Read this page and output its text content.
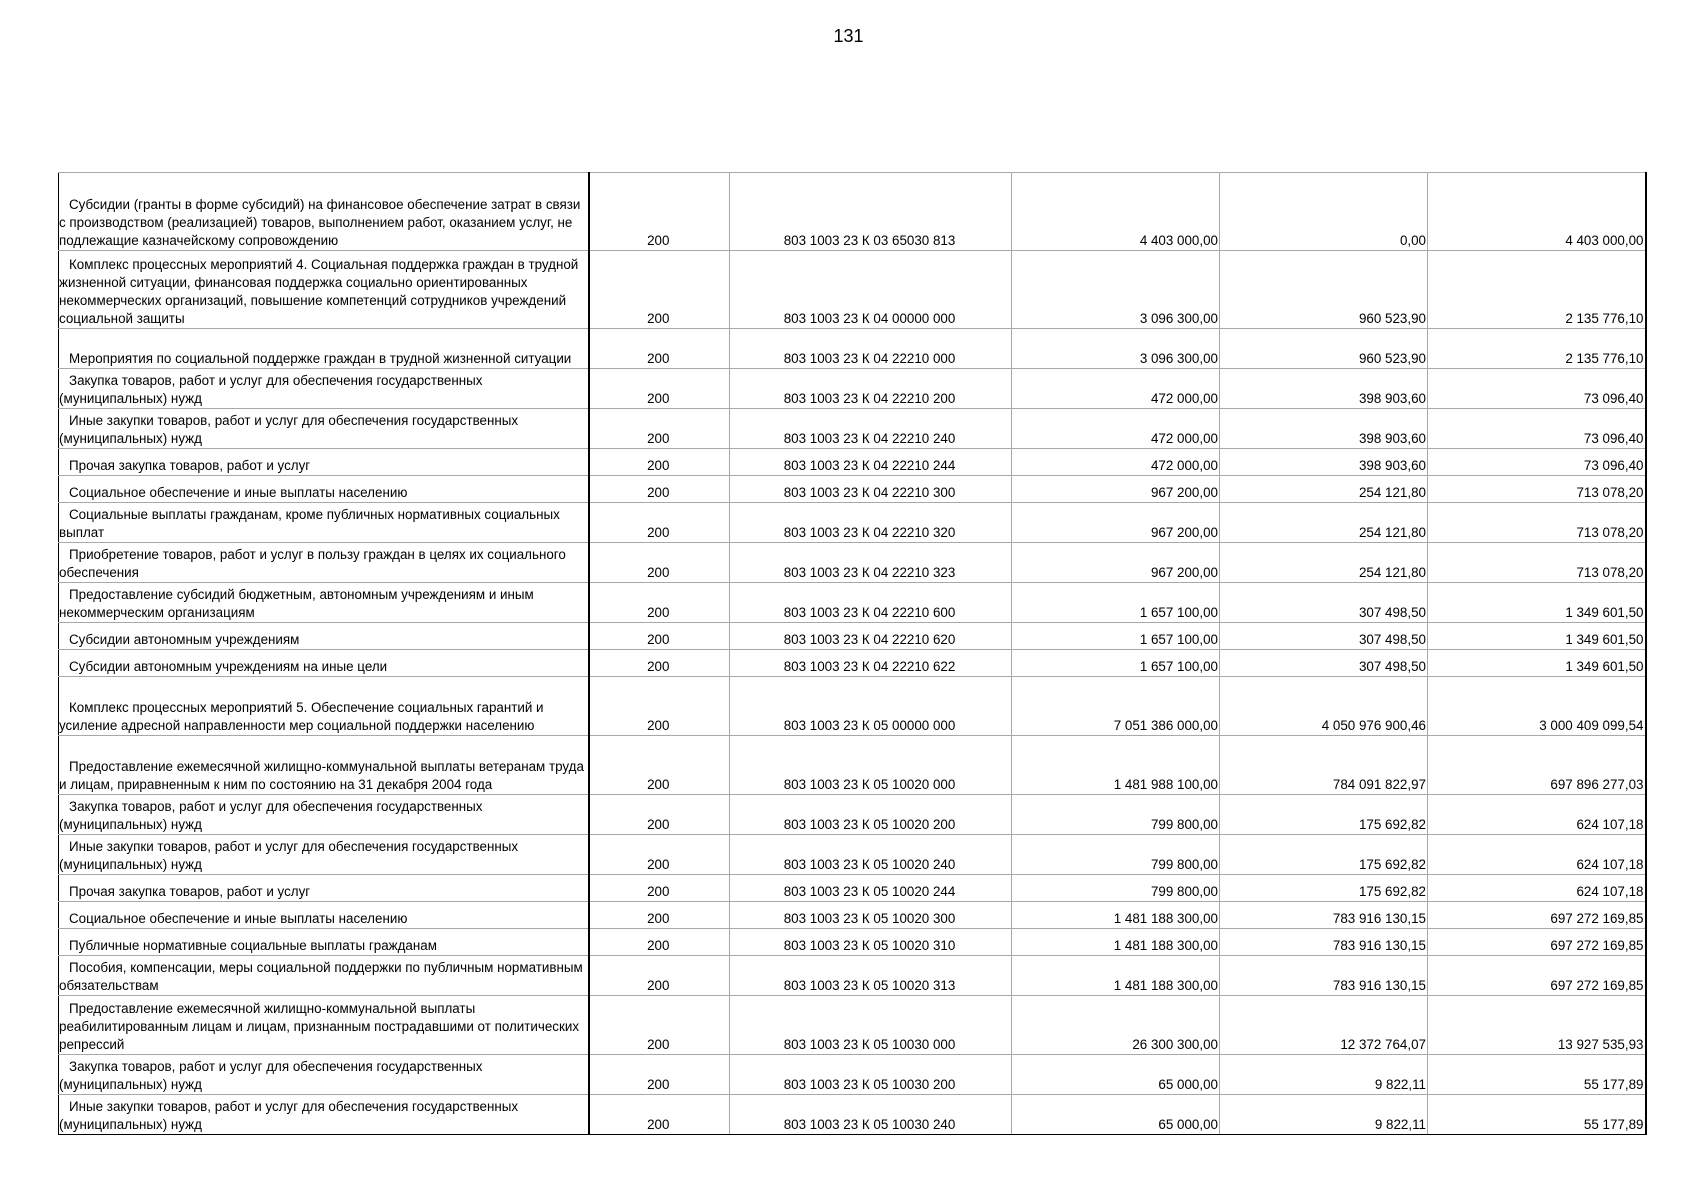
131
Субсидии (гранты в форме субсидий) на финансовое обеспечение затрат в связи с производством (реализацией) товаров, выполнением работ, оказанием услуг, не подлежащие казначейскому сопровождению	200	803 1003 23 К 03 65030 813	4 403 000,00	0,00	4 403 000,00
Комплекс процессных мероприятий 4. Социальная поддержка граждан в трудной жизненной ситуации, финансовая поддержка социально ориентированных некоммерческих организаций, повышение компетенций сотрудников учреждений социальной защиты	200	803 1003 23 К 04 00000 000	3 096 300,00	960 523,90	2 135 776,10
Мероприятия по социальной поддержке граждан в трудной жизненной ситуации	200	803 1003 23 К 04 22210 000	3 096 300,00	960 523,90	2 135 776,10
Закупка товаров, работ и услуг для обеспечения государственных (муниципальных) нужд	200	803 1003 23 К 04 22210 200	472 000,00	398 903,60	73 096,40
Иные закупки товаров, работ и услуг для обеспечения государственных (муниципальных) нужд	200	803 1003 23 К 04 22210 240	472 000,00	398 903,60	73 096,40
Прочая закупка товаров, работ и услуг	200	803 1003 23 К 04 22210 244	472 000,00	398 903,60	73 096,40
Социальное обеспечение и иные выплаты населению	200	803 1003 23 К 04 22210 300	967 200,00	254 121,80	713 078,20
Социальные выплаты гражданам, кроме публичных нормативных социальных выплат	200	803 1003 23 К 04 22210 320	967 200,00	254 121,80	713 078,20
Приобретение товаров, работ и услуг в пользу граждан в целях их социального обеспечения	200	803 1003 23 К 04 22210 323	967 200,00	254 121,80	713 078,20
Предоставление субсидий бюджетным, автономным учреждениям и иным некоммерческим организациям	200	803 1003 23 К 04 22210 600	1 657 100,00	307 498,50	1 349 601,50
Субсидии автономным учреждениям	200	803 1003 23 К 04 22210 620	1 657 100,00	307 498,50	1 349 601,50
Субсидии автономным учреждениям на иные цели	200	803 1003 23 К 04 22210 622	1 657 100,00	307 498,50	1 349 601,50
Комплекс процессных мероприятий 5. Обеспечение социальных гарантий и усиление адресной направленности мер социальной поддержки населению	200	803 1003 23 К 05 00000 000	7 051 386 000,00	4 050 976 900,46	3 000 409 099,54
Предоставление ежемесячной жилищно-коммунальной выплаты ветеранам труда и лицам, приравненным к ним по состоянию на 31 декабря 2004 года	200	803 1003 23 К 05 10020 000	1 481 988 100,00	784 091 822,97	697 896 277,03
Закупка товаров, работ и услуг для обеспечения государственных (муниципальных) нужд	200	803 1003 23 К 05 10020 200	799 800,00	175 692,82	624 107,18
Иные закупки товаров, работ и услуг для обеспечения государственных (муниципальных) нужд	200	803 1003 23 К 05 10020 240	799 800,00	175 692,82	624 107,18
Прочая закупка товаров, работ и услуг	200	803 1003 23 К 05 10020 244	799 800,00	175 692,82	624 107,18
Социальное обеспечение и иные выплаты населению	200	803 1003 23 К 05 10020 300	1 481 188 300,00	783 916 130,15	697 272 169,85
Публичные нормативные социальные выплаты гражданам	200	803 1003 23 К 05 10020 310	1 481 188 300,00	783 916 130,15	697 272 169,85
Пособия, компенсации, меры социальной поддержки по публичным нормативным обязательствам	200	803 1003 23 К 05 10020 313	1 481 188 300,00	783 916 130,15	697 272 169,85
Предоставление ежемесячной жилищно-коммунальной выплаты реабилитированным лицам и лицам, признанным пострадавшими от политических репрессий	200	803 1003 23 К 05 10030 000	26 300 300,00	12 372 764,07	13 927 535,93
Закупка товаров, работ и услуг для обеспечения государственных (муниципальных) нужд	200	803 1003 23 К 05 10030 200	65 000,00	9 822,11	55 177,89
Иные закупки товаров, работ и услуг для обеспечения государственных (муниципальных) нужд	200	803 1003 23 К 05 10030 240	65 000,00	9 822,11	55 177,89
